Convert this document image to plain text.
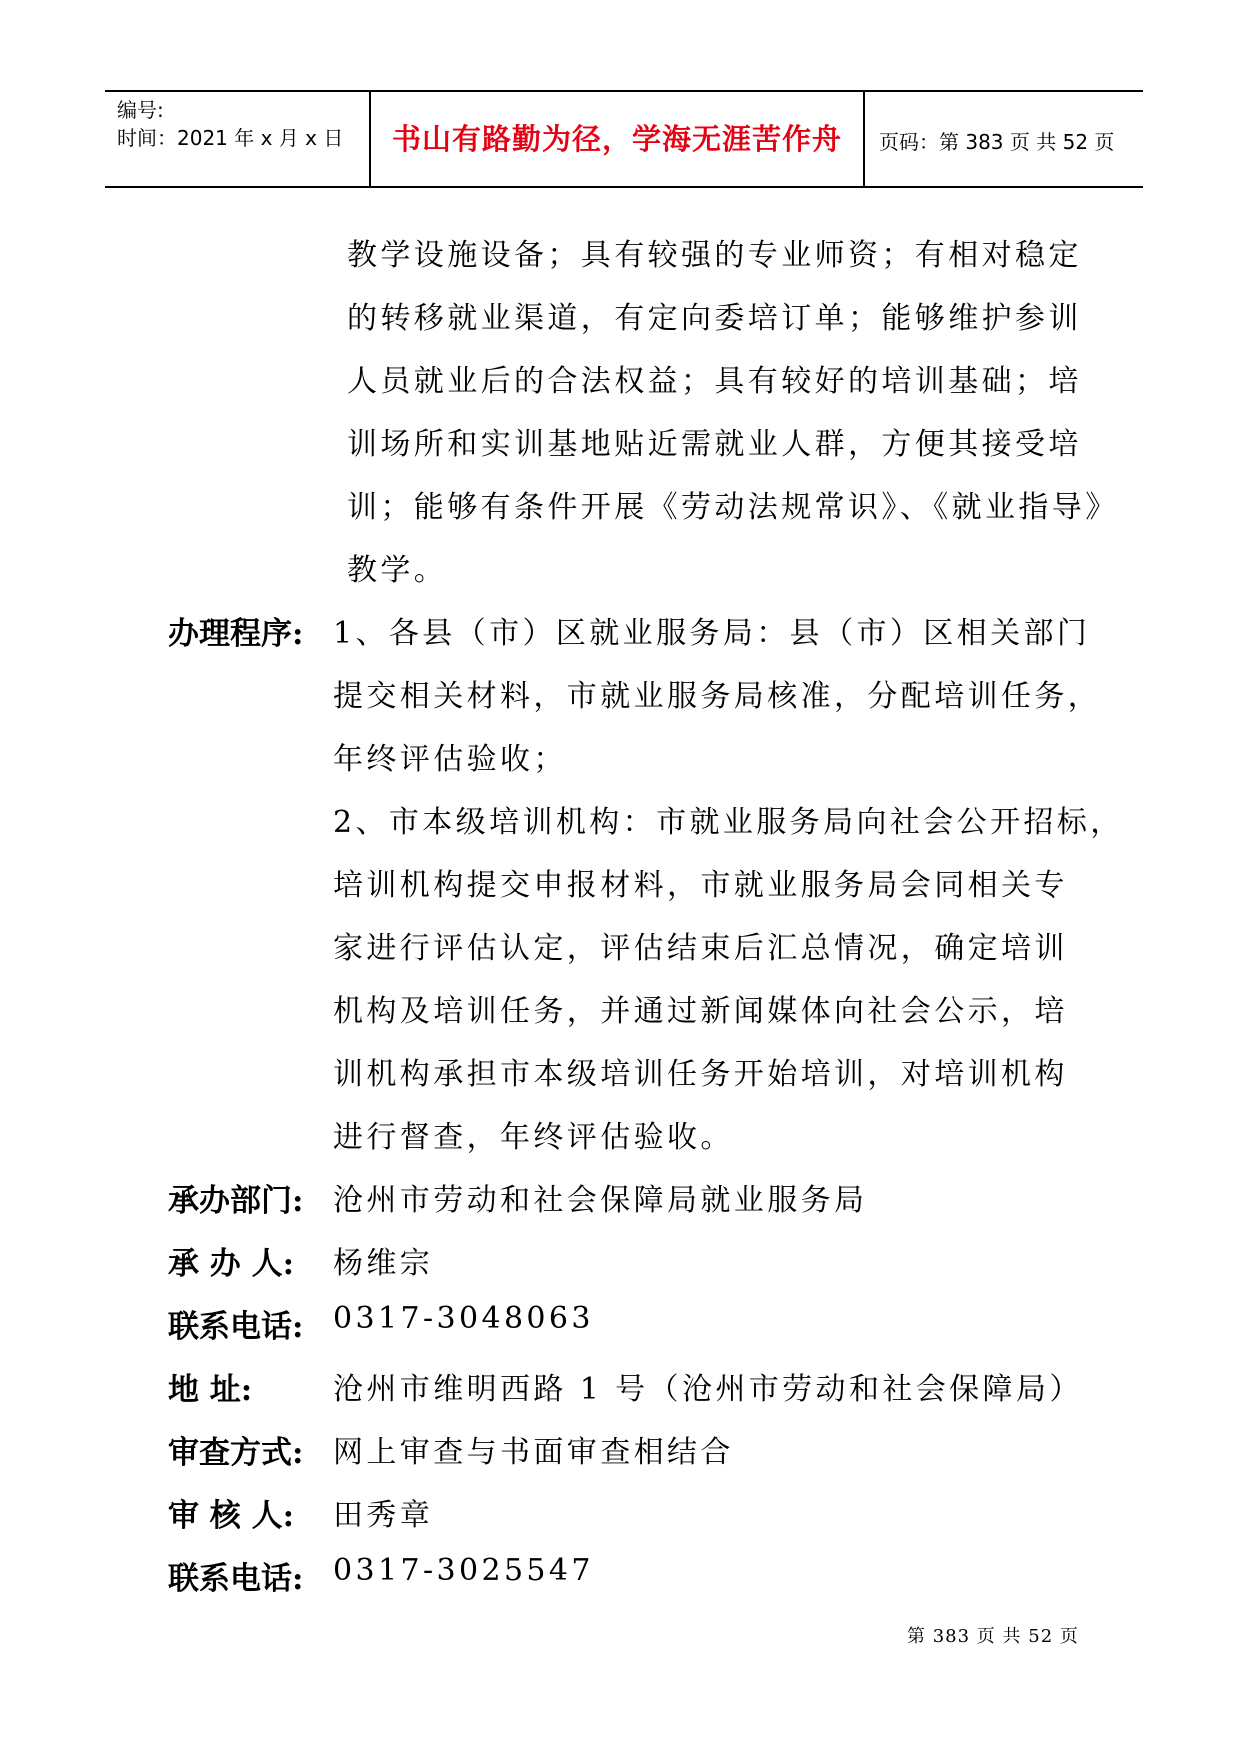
编号:
时间：2021 年 x 月 x 日	书山有路勤为径，学海无涯苦作舟	页码：第 383 页 共 52 页
教学设施设备；具有较强的专业师资；有相对稳定
的转移就业渠道，有定向委培订单；能够维护参训
人员就业后的合法权益；具有较好的培训基础；培
训场所和实训基地贴近需就业人群，方便其接受培
训；能够有条件开展《劳动法规常识》、《就业指导》
教学。
办理程序: 1、各县（市）区就业服务局：县（市）区相关部门
提交相关材料，市就业服务局核准，分配培训任务，
年终评估验收；
2、市本级培训机构：市就业服务局向社会公开招标，
培训机构提交申报材料，市就业服务局会同相关专
家进行评估认定，评估结束后汇总情况，确定培训
机构及培训任务，并通过新闻媒体向社会公示，培
训机构承担市本级培训任务开始培训，对培训机构
进行督查，年终评估验收。
承办部门: 沧州市劳动和社会保障局就业服务局
承 办 人: 杨维宗
联系电话: 0317-3048063
地 址:	沧州市维明西路 1 号（沧州市劳动和社会保障局）
审查方式: 网上审查与书面审查相结合
审 核 人: 田秀章
联系电话: 0317-3025547
第 383 页 共 52 页
